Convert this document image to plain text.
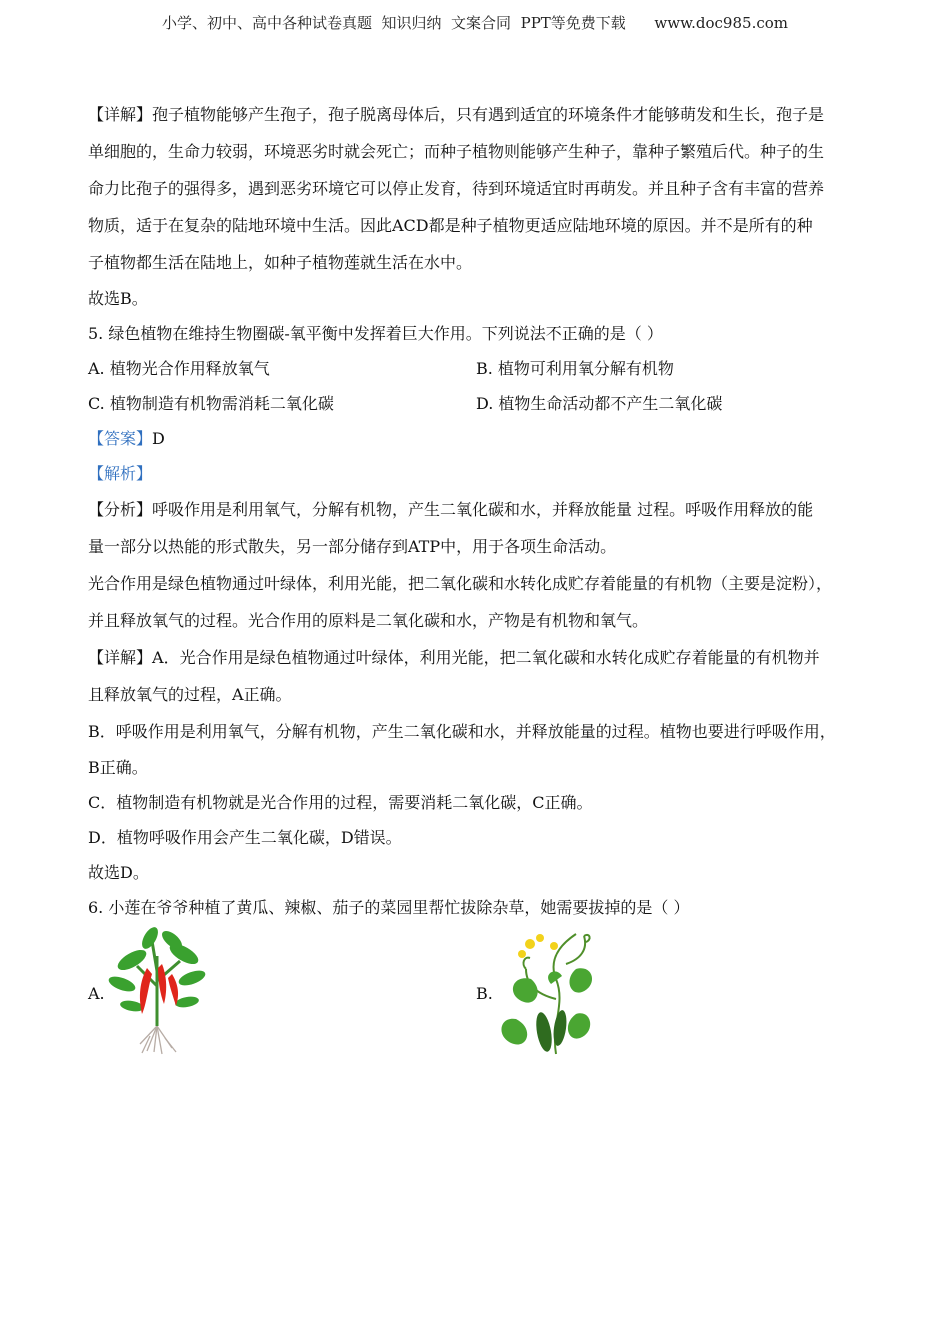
小学、初中、高中各种试卷真题  知识归纳  文案合同  PPT等免费下载      www.doc985.com
【详解】孢子植物能够产生孢子，孢子脱离母体后，只有遇到适宜的环境条件才能够萌发和生长，孢子是
单细胞的，生命力较弱，环境恶劣时就会死亡；而种子植物则能够产生种子，靠种子繁殖后代。种子的生
命力比孢子的强得多，遇到恶劣环境它可以停止发育，待到环境适宜时再萌发。并且种子含有丰富的营养
物质，适于在复杂的陆地环境中生活。因此ACD都是种子植物更适应陆地环境的原因。并不是所有的种
子植物都生活在陆地上，如种子植物莲就生活在水中。
故选B。
5. 绿色植物在维持生物圈碳-氧平衡中发挥着巨大作用。下列说法不正确的是（ ）
A. 植物光合作用释放氧气	B. 植物可利用氧分解有机物
C. 植物制造有机物需消耗二氧化碳	D. 植物生命活动都不产生二氧化碳
【答案】D
【解析】
【分析】呼吸作用是利用氧气，分解有机物，产生二氧化碳和水，并释放能量 过程。呼吸作用释放的能
量一部分以热能的形式散失，另一部分储存到ATP中，用于各项生命活动。
光合作用是绿色植物通过叶绿体，利用光能，把二氧化碳和水转化成贮存着能量的有机物（主要是淀粉），
并且释放氧气的过程。光合作用的原料是二氧化碳和水，产物是有机物和氧气。
【详解】A．光合作用是绿色植物通过叶绿体，利用光能，把二氧化碳和水转化成贮存着能量的有机物并
且释放氧气的过程，A正确。
B．呼吸作用是利用氧气，分解有机物，产生二氧化碳和水，并释放能量的过程。植物也要进行呼吸作用，
B正确。
C．植物制造有机物就是光合作用的过程，需要消耗二氧化碳，C正确。
D．植物呼吸作用会产生二氧化碳，D错误。
故选D。
6. 小莲在爷爷种植了黄瓜、辣椒、茄子的菜园里帮忙拔除杂草，她需要拔掉的是（ ）
A.	B.
